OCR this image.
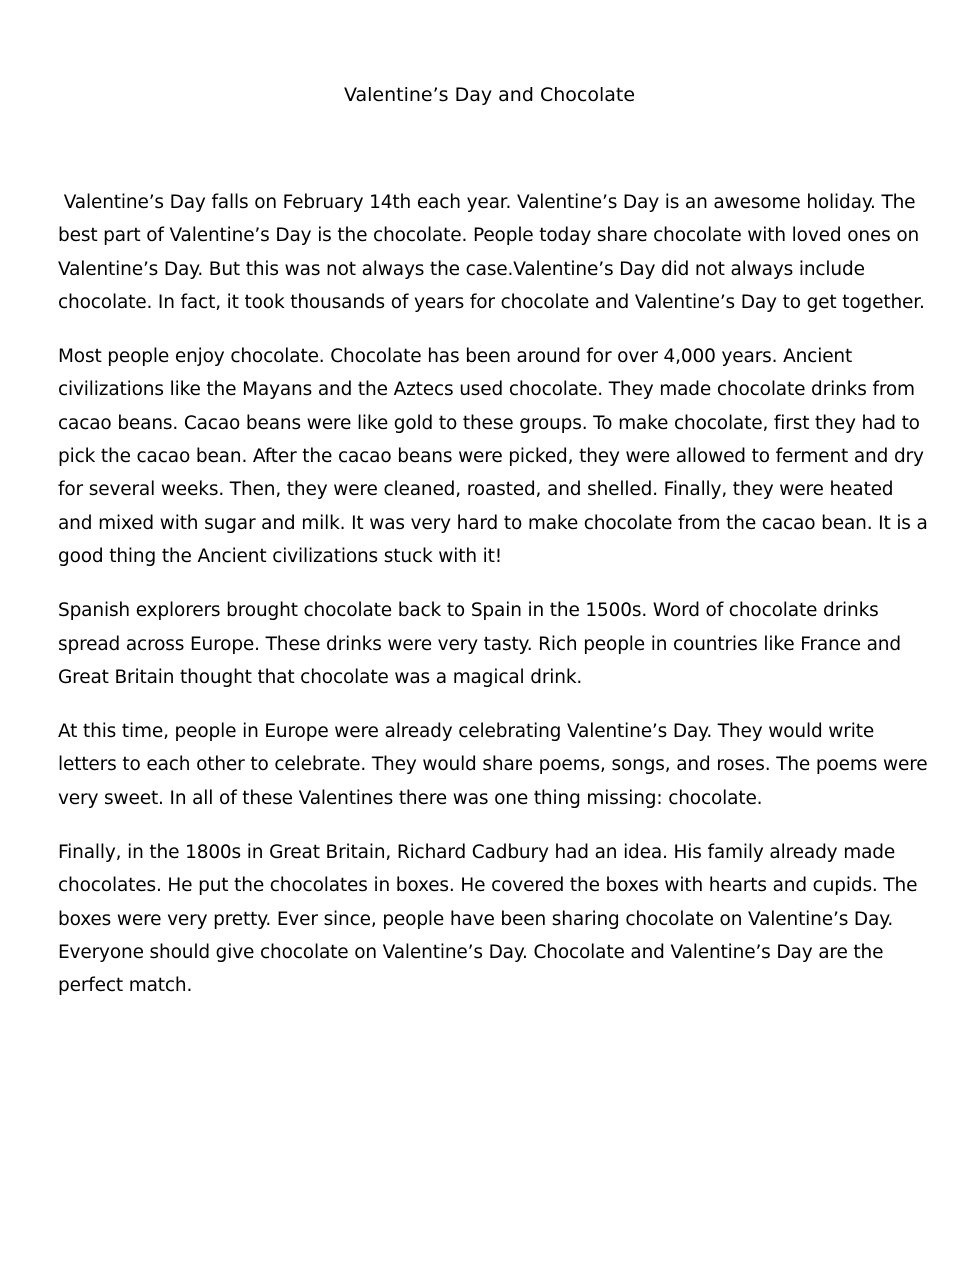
Valentine’s Day and Chocolate

Valentine’s Day falls on February 14th each year. Valentine’s Day is an awesome holiday. The best part of Valentine’s Day is the chocolate. People today share chocolate with loved ones on Valentine’s Day. But this was not always the case.Valentine’s Day did not always include chocolate. In fact, it took thousands of years for chocolate and Valentine’s Day to get together.

Most people enjoy chocolate. Chocolate has been around for over 4,000 years. Ancient civilizations like the Mayans and the Aztecs used chocolate. They made chocolate drinks from cacao beans. Cacao beans were like gold to these groups. To make chocolate, first they had to pick the cacao bean. After the cacao beans were picked, they were allowed to ferment and dry for several weeks. Then, they were cleaned, roasted, and shelled. Finally, they were heated and mixed with sugar and milk. It was very hard to make chocolate from the cacao bean. It is a good thing the Ancient civilizations stuck with it!

Spanish explorers brought chocolate back to Spain in the 1500s. Word of chocolate drinks spread across Europe. These drinks were very tasty. Rich people in countries like France and Great Britain thought that chocolate was a magical drink.

At this time, people in Europe were already celebrating Valentine’s Day. They would write letters to each other to celebrate. They would share poems, songs, and roses. The poems were very sweet. In all of these Valentines there was one thing missing: chocolate.

Finally, in the 1800s in Great Britain, Richard Cadbury had an idea. His family already made chocolates. He put the chocolates in boxes. He covered the boxes with hearts and cupids. The boxes were very pretty. Ever since, people have been sharing chocolate on Valentine’s Day. Everyone should give chocolate on Valentine’s Day. Chocolate and Valentine’s Day are the perfect match.
